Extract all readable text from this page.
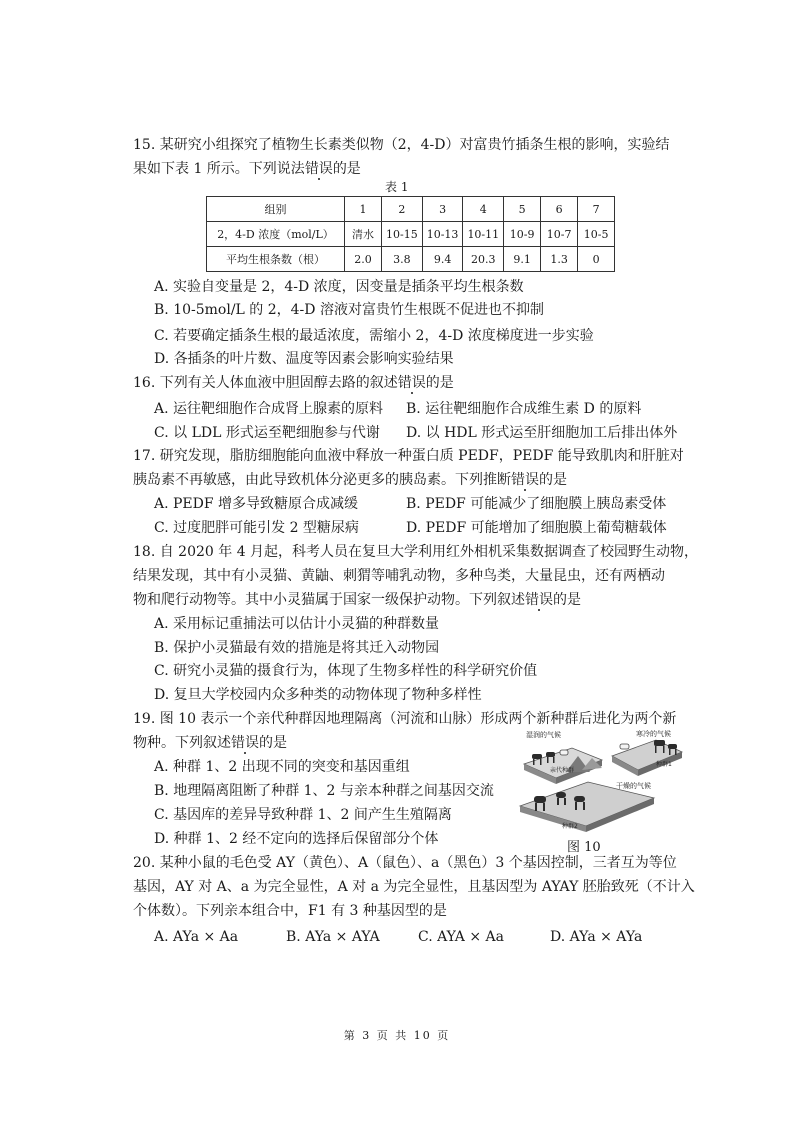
15. 某研究小组探究了植物生长素类似物（2，4-D）对富贵竹插条生根的影响，实验结
果如下表 1 所示。下列说法错误的是
表 1
组别	1	2	3	4	5	6	7
2，4-D 浓度（mol/L）	清水	10-15	10-13	10-11	10-9	10-7	10-5
平均生根条数（根）	2.0	3.8	9.4	20.3	9.1	1.3	0
A. 实验自变量是 2，4-D 浓度，因变量是插条平均生根条数
B. 10-5mol/L 的 2，4-D 溶液对富贵竹生根既不促进也不抑制
C. 若要确定插条生根的最适浓度，需缩小 2，4-D 浓度梯度进一步实验
D. 各插条的叶片数、温度等因素会影响实验结果
16. 下列有关人体血液中胆固醇去路的叙述错误的是
A. 运往靶细胞作合成肾上腺素的原料 B. 运往靶细胞作合成维生素 D 的原料
C. 以 LDL 形式运至靶细胞参与代谢 D. 以 HDL 形式运至肝细胞加工后排出体外
17. 研究发现，脂肪细胞能向血液中释放一种蛋白质 PEDF，PEDF 能导致肌肉和肝脏对
胰岛素不再敏感，由此导致机体分泌更多的胰岛素。下列推断错误的是
A. PEDF 增多导致糖原合成减缓	B. PEDF 可能减少了细胞膜上胰岛素受体
C. 过度肥胖可能引发 2 型糖尿病	D. PEDF 可能增加了细胞膜上葡萄糖载体
18. 自 2020 年 4 月起，科考人员在复旦大学利用红外相机采集数据调查了校园野生动物，
结果发现，其中有小灵猫、黄鼬、刺猬等哺乳动物，多种鸟类，大量昆虫，还有两栖动
物和爬行动物等。其中小灵猫属于国家一级保护动物。下列叙述错误的是
A. 采用标记重捕法可以估计小灵猫的种群数量
B. 保护小灵猫最有效的措施是将其迁入动物园
C. 研究小灵猫的摄食行为，体现了生物多样性的科学研究价值
D. 复旦大学校园内众多种类的动物体现了物种多样性
19. 图 10 表示一个亲代种群因地理隔离（河流和山脉）形成两个新种群后进化为两个新
物种。下列叙述错误的是
A. 种群 1、2 出现不同的突变和基因重组
B. 地理隔离阻断了种群 1、2 与亲本种群之间基因交流
C. 基因库的差异导致种群 1、2 间产生生殖隔离
D. 种群 1、2 经不定向的选择后保留部分个体
湿润的气候	寒冷的气候
亲代种群
种群1
干燥的气候
种群2
图 10
20. 某种小鼠的毛色受 AY（黄色）、A（鼠色）、a（黑色）3 个基因控制，三者互为等位
基因，AY 对 A、a 为完全显性，A 对 a 为完全显性，且基因型为 AYAY 胚胎致死（不计入
个体数）。下列亲本组合中，F1 有 3 种基因型的是
A. AYa × Aa	B. AYa × AYA	C. AYA × Aa	D. AYa × AYa
第 3 页 共 10 页
